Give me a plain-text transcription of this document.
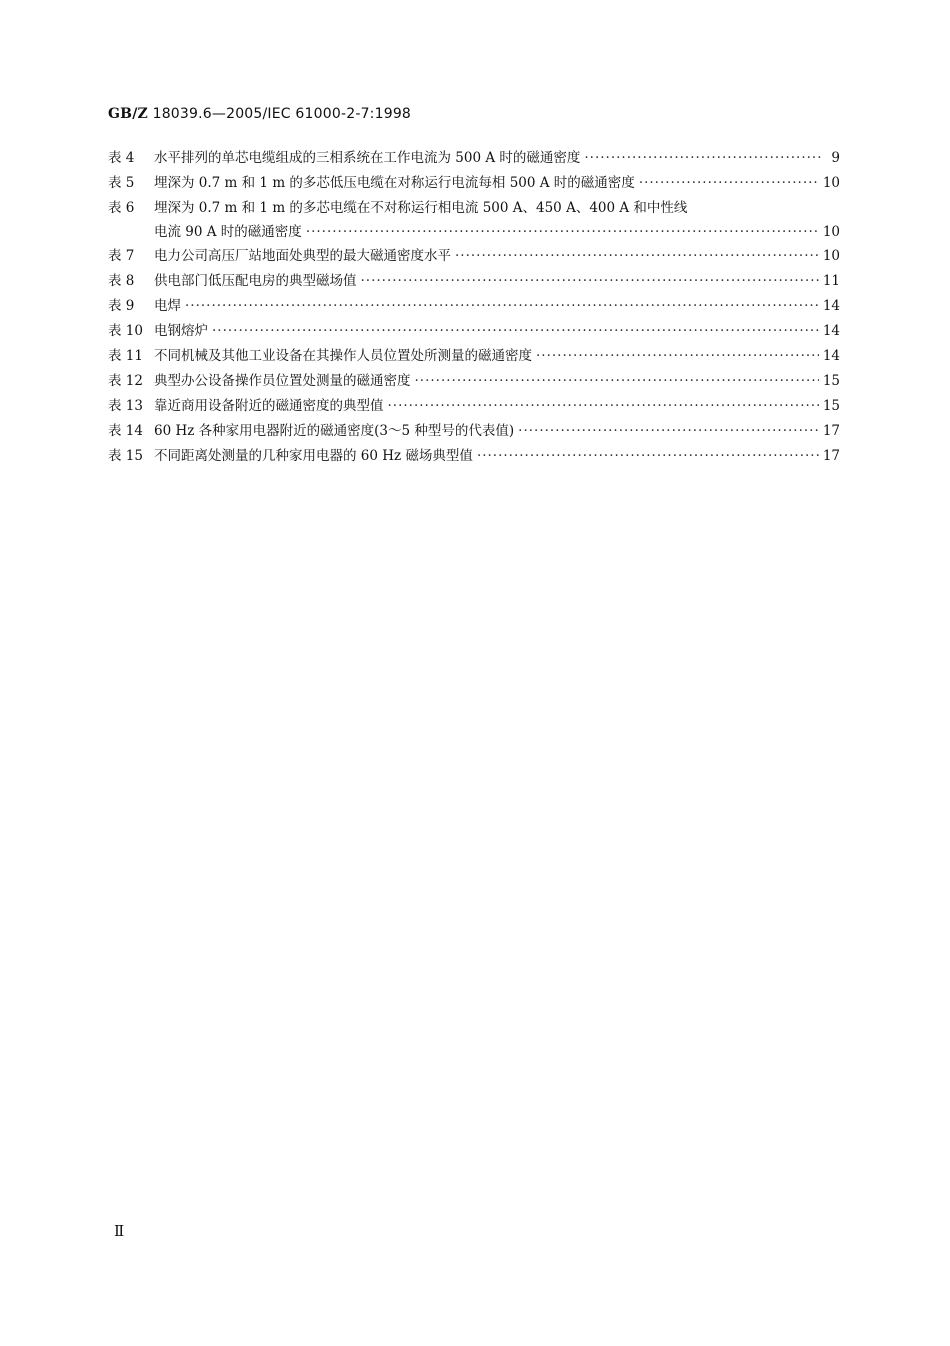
GB/Z 18039.6—2005/IEC 61000-2-7:1998
表 4 水平排列的单芯电缆组成的三相系统在工作电流为 500 A 时的磁通密度 ·····	9
表 5 埋深为 0.7 m 和 1 m 的多芯低压电缆在对称运行电流每相 500 A 时的磁通密度 ·····	10
表 6 埋深为 0.7 m 和 1 m 的多芯电缆在不对称运行相电流 500 A、450 A、400 A 和中性线
电流 90 A 时的磁通密度 ·····	10
表 7 电力公司高压厂站地面处典型的最大磁通密度水平 ·····	10
表 8 供电部门低压配电房的典型磁场值 ·····	11
表 9 电焊 ·····	14
表 10 电钢熔炉 ·····	14
表 11 不同机械及其他工业设备在其操作人员位置处所测量的磁通密度 ·····	14
表 12 典型办公设备操作员位置处测量的磁通密度 ·····	15
表 13 靠近商用设备附近的磁通密度的典型值 ·····	15
表 14 60 Hz 各种家用电器附近的磁通密度(3～5 种型号的代表值) ·····	17
表 15 不同距离处测量的几种家用电器的 60 Hz 磁场典型值 ·····	17
Ⅱ
